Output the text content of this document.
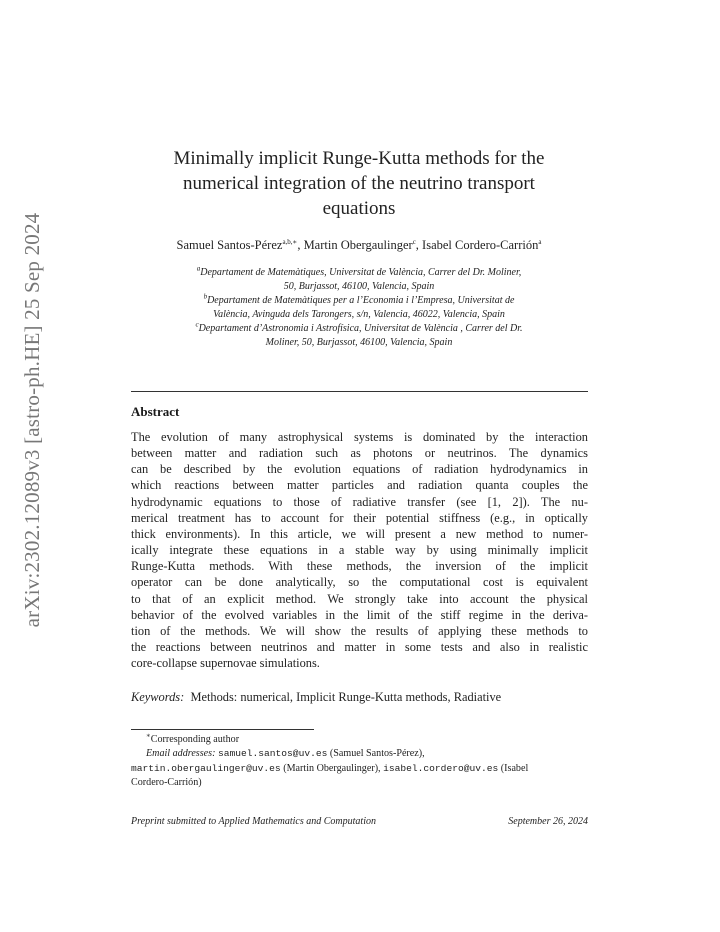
arXiv:2302.12089v3 [astro-ph.HE] 25 Sep 2024
Minimally implicit Runge-Kutta methods for the
numerical integration of the neutrino transport
equations
Samuel Santos-Pérez$^{a,b,∗}$, Martin Obergaulinger$^c$, Isabel Cordero-Carrión$^a$
$^a$Departament de Matemàtiques, Universitat de València, Carrer del Dr. Moliner,
50, Burjassot, 46100, Valencia, Spain
$^b$Departament de Matemàtiques per a l’Economia i l’Empresa, Universitat de
València, Avinguda dels Tarongers, s/n, Valencia, 46022, Valencia, Spain
$^c$Departament d’Astronomia i Astrofísica, Universitat de València , Carrer del Dr.
Moliner, 50, Burjassot, 46100, Valencia, Spain
Abstract
The evolution of many astrophysical systems is dominated by the interaction
between matter and radiation such as photons or neutrinos. The dynamics
can be described by the evolution equations of radiation hydrodynamics in
which reactions between matter particles and radiation quanta couples the
hydrodynamic equations to those of radiative transfer (see [1, 2]). The nu-
merical treatment has to account for their potential stiffness (e.g., in optically
thick environments). In this article, we will present a new method to numer-
ically integrate these equations in a stable way by using minimally implicit
Runge-Kutta methods. With these methods, the inversion of the implicit
operator can be done analytically, so the computational cost is equivalent
to that of an explicit method. We strongly take into account the physical
behavior of the evolved variables in the limit of the stiff regime in the deriva-
tion of the methods. We will show the results of applying these methods to
the reactions between neutrinos and matter in some tests and also in realistic
core-collapse supernovae simulations.
Keywords: Methods: numerical, Implicit Runge-Kutta methods, Radiative
∗Corresponding author
Email addresses: samuel.santos@uv.es (Samuel Santos-Pérez),
martin.obergaulinger@uv.es (Martin Obergaulinger), isabel.cordero@uv.es (Isabel
Cordero-Carrión)
Preprint submitted to Applied Mathematics and Computation	September 26, 2024
